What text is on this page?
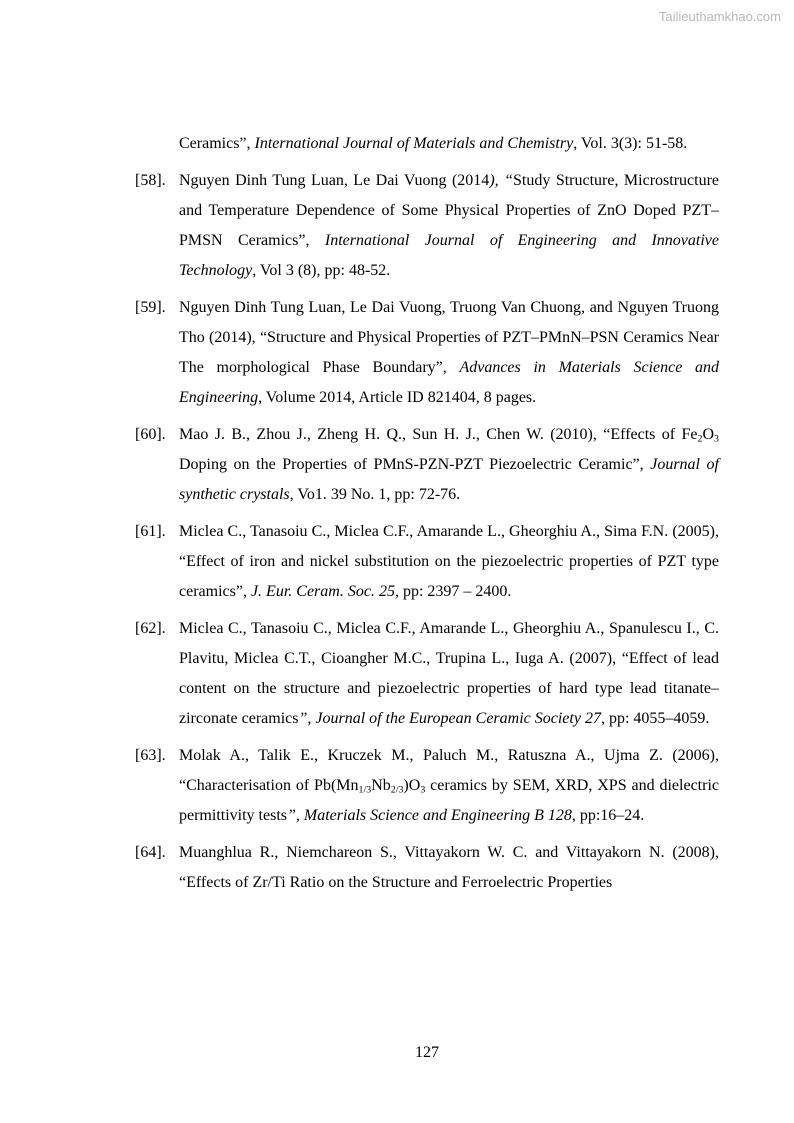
Tailieuthamkhao.com
Ceramics”, International Journal of Materials and Chemistry, Vol. 3(3): 51-58.
[58]. Nguyen Dinh Tung Luan, Le Dai Vuong (2014), “Study Structure, Microstructure and Temperature Dependence of Some Physical Properties of ZnO Doped PZT–PMSN Ceramics”, International Journal of Engineering and Innovative Technology, Vol 3 (8), pp: 48-52.
[59]. Nguyen Dinh Tung Luan, Le Dai Vuong, Truong Van Chuong, and Nguyen Truong Tho (2014), “Structure and Physical Properties of PZT–PMnN–PSN Ceramics Near The morphological Phase Boundary”, Advances in Materials Science and Engineering, Volume 2014, Article ID 821404, 8 pages.
[60]. Mao J. B., Zhou J., Zheng H. Q., Sun H. J., Chen W. (2010), “Effects of $Fe_2O_3$ Doping on the Properties of PMnS-PZN-PZT Piezoelectric Ceramic”, Journal of synthetic crystals, Vo1. 39 No. 1, pp: 72-76.
[61]. Miclea C., Tanasoiu C., Miclea C.F., Amarande L., Gheorghiu A., Sima F.N. (2005), “Effect of iron and nickel substitution on the piezoelectric properties of PZT type ceramics”, J. Eur. Ceram. Soc. 25, pp: 2397 – 2400.
[62]. Miclea C., Tanasoiu C., Miclea C.F., Amarande L., Gheorghiu A., Spanulescu I., C. Plavitu, Miclea C.T., Cioangher M.C., Trupina L., Iuga A. (2007), “Effect of lead content on the structure and piezoelectric properties of hard type lead titanate–zirconate ceramics”, Journal of the European Ceramic Society 27, pp: 4055–4059.
[63]. Molak A., Talik E., Kruczek M., Paluch M., Ratuszna A., Ujma Z. (2006), “Characterisation of $Pb(Mn_{1/3}Nb_{2/3})O_3$ ceramics by SEM, XRD, XPS and dielectric permittivity tests”, Materials Science and Engineering B 128, pp:16–24.
[64]. Muanghlua R., Niemchareon S., Vittayakorn W. C. and Vittayakorn N. (2008), “Effects of Zr/Ti Ratio on the Structure and Ferroelectric Properties
127
